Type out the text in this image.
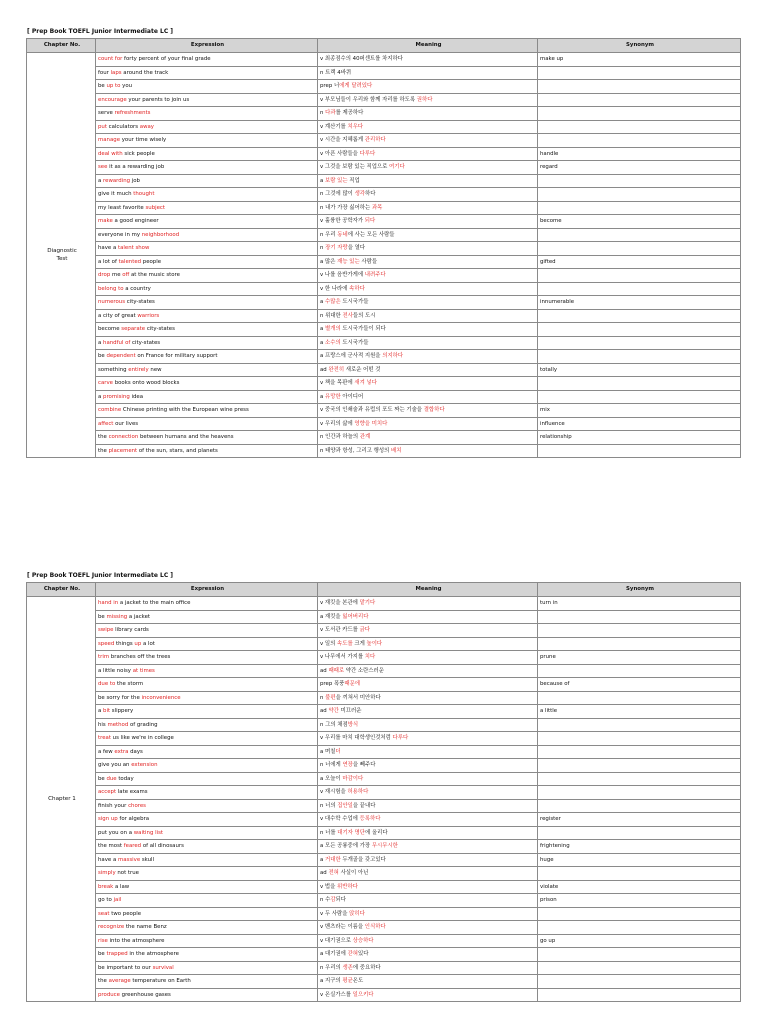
[ Prep Book TOEFL Junior Intermediate LC ]
Chapter No.	Expression	Meaning	Synonym
Diagnostic
Test	count for forty percent of your final grade	v 최종점수의 40퍼센트를 차지하다	make up
	four laps around the track	n 트랙 4바퀴	
	be up to you	prep 너에게 달려있다	
	encourage your parents to join us	v 부모님들이 우리와 함께 자리를 하도록 권하다	
	serve refreshments	n 다과를 제공하다	
	put calculators away	v 계산기를 치우다	
	manage your time wisely	v 시간을 지혜롭게 관리하다	
	deal with sick people	v 아픈 사람들을 다루다	handle
	see it as a rewarding job	v 그것을 보람 있는 직업으로 여기다	regard
	a rewarding job	a 보람 있는 직업	
	give it much thought	n 그것에 많이 생각하다	
	my least favorite subject	n 내가 가장 싫어하는 과목	
	make a good engineer	v 훌륭한 공학자가 되다	become
	everyone in my neighborhood	n 우리 동네에 사는 모든 사람들	
	have a talent show	n 장기 자랑을 열다	
	a lot of talented people	a 많은 재능 있는 사람들	gifted
	drop me off at the music store	v 나를 음반가게에 내려주다	
	belong to a country	v 한 나라에 속하다	
	numerous city-states	a 수많은 도시국가들	innumerable
	a city of great warriors	n 위대한 전사들의 도시	
	become separate city-states	a 별개의 도시국가들이 되다	
	a handful of city-states	a 소수의 도시국가들	
	be dependent on France for military support	a 프랑스에 군사적 지원을 의지하다	
	something entirely new	ad 완전히 새로운 어떤 것	totally
	carve books onto wood blocks	v 책을 목판에 새겨 넣다	
	a promising idea	a 유망한 아이디어	
	combine Chinese printing with the European wine press	v 중국의 인쇄술과 유럽의 포도 짜는 기술을 결합하다	mix
	affect our lives	v 우리의 삶에 영향을 미치다	influence
	the connection between humans and the heavens	n 인간과 하늘의 관계	relationship
	the placement of the sun, stars, and planets	n 태양과 항성, 그리고 행성의 배치	
[ Prep Book TOEFL Junior Intermediate LC ]
Chapter No.	Expression	Meaning	Synonym
Chapter 1	hand in a jacket to the main office	v 재킷을 본관에 맡기다	turn in
	be missing a jacket	a 재킷을 잃어버리다	
	swipe library cards	v 도서관 카드를 긁다	
	speed things up a lot	v 일의 속도를 크게 높이다	
	trim branches off the trees	v 나무에서 가지를 치다	prune
	a little noisy at times	ad 때때로 약간 소란스러운	
	due to the storm	prep 폭풍때문에	because of
	be sorry for the inconvenience	n 불편을 끼쳐서 미안하다	
	a bit slippery	ad 약간 미끄러운	a little
	his method of grading	n 그의 채점방식	
	treat us like we're in college	v 우리를 마치 대학생인것처럼 다루다	
	a few extra days	a 며칠더	
	give you an extension	n 너에게 연장을 빼주다	
	be due today	a 오늘이 마감이다	
	accept late exams	v 재시험을 허용하다	
	finish your chores	n 너의 집안일을 끝내다	
	sign up for algebra	v 대수학 수업에 등록하다	register
	put you on a waiting list	n 너를 대기자 명단에 올리다	
	the most feared of all dinosaurs	a 모든 공룡중에 가장 무시무시한	frightening
	have a massive skull	a 거대한 두개골을 갖고있다	huge
	simply not true	ad 전혀 사실이 아닌	
	break a law	v 법을 위반하다	violate
	go to jail	n 수감되다	prison
	seat two people	v 두 사람을 앉히다	
	recognize the name Benz	v 벤츠라는 이름을 인식하다	
	rise into the atmosphere	v 대기권으로 상승하다	go up
	be trapped in the atmosphere	a 대기권에 갇혀있다	
	be important to our survival	n 우리의 생존에 중요하다	
	the average temperature on Earth	a 지구의 평균온도	
	produce greenhouse gases	v 온실가스를 일으키다	
